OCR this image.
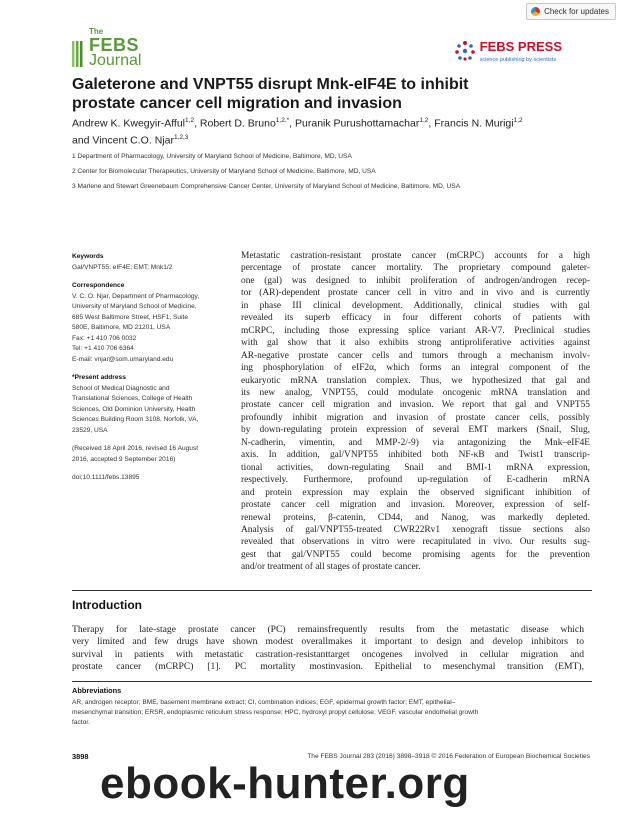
Check for updates
The
FEBS
Journal
FEBS PRESS
science publishing by scientists
Galeterone and VNPT55 disrupt Mnk-eIF4E to inhibit
prostate cancer cell migration and invasion

Andrew K. Kwegyir-Afful$^{1,2}$, Robert D. Bruno$^{1,2,*}$, Puranik Purushottamachar$^{1,2}$, Francis N. Murigi$^{1,2}$
and Vincent C.O. Njar$^{1,2,3}$

1 Department of Pharmacology, University of Maryland School of Medicine, Baltimore, MD, USA
2 Center for Biomolecular Therapeutics, University of Maryland School of Medicine, Baltimore, MD, USA
3 Marlene and Stewart Greenebaum Comprehensive Cancer Center, University of Maryland School of Medicine, Baltimore, MD, USA
Keywords
Gal/VNPT55; eIF4E; EMT; Mnk1/2
Correspondence
V. C. O. Njar, Department of Pharmacology,
University of Maryland School of Medicine,
685 West Baltimore Street, HSF1, Suite
580E, Baltimore, MD 21201, USA
Fax: +1 410 706 0032
Tel: +1 410 706 6364
E-mail: vnjar@som.umaryland.edu
*Present address
School of Medical Diagnostic and
Translational Sciences, College of Health
Sciences, Old Dominion University, Health
Sciences Building Room 3108, Norfolk, VA,
23529, USA
(Received 18 April 2016, revised 16 August
2016, accepted 9 September 2016)
doi:10.1111/febs.13895
Metastatic castration-resistant prostate cancer (mCRPC) accounts for a high
percentage of prostate cancer mortality. The proprietary compound galeter-
one (gal) was designed to inhibit proliferation of androgen/androgen recep-
tor (AR)-dependent prostate cancer cell in vitro and in vivo and is currently
in phase III clinical development. Additionally, clinical studies with gal
revealed its superb efficacy in four different cohorts of patients with
mCRPC, including those expressing splice variant AR-V7. Preclinical studies
with gal show that it also exhibits strong antiproliferative activities against
AR-negative prostate cancer cells and tumors through a mechanism involv-
ing phosphorylation of eIF2α, which forms an integral component of the
eukaryotic mRNA translation complex. Thus, we hypothesized that gal and
its new analog, VNPT55, could modulate oncogenic mRNA translation and
prostate cancer cell migration and invasion. We report that gal and VNPT55
profoundly inhibit migration and invasion of prostate cancer cells, possibly
by down-regulating protein expression of several EMT markers (Snail, Slug,
N-cadherin, vimentin, and MMP-2/-9) via antagonizing the Mnk–eIF4E
axis. In addition, gal/VNPT55 inhibited both NF-κB and Twist1 transcrip-
tional activities, down-regulating Snail and BMI-1 mRNA expression,
respectively. Furthermore, profound up-regulation of E-cadherin mRNA
and protein expression may explain the observed significant inhibition of
prostate cancer cell migration and invasion. Moreover, expression of self-
renewal proteins, β-catenin, CD44, and Nanog, was markedly depleted.
Analysis of gal/VNPT55-treated CWR22Rv1 xenograft tissue sections also
revealed that observations in vitro were recapitulated in vivo. Our results sug-
gest that gal/VNPT55 could become promising agents for the prevention
and/or treatment of all stages of prostate cancer.
Introduction
Therapy for late-stage prostate cancer (PC) remains
very limited and few drugs have shown modest overall
survival in patients with metastatic castration-resistant
prostate cancer (mCRPC) [1]. PC mortality most
frequently results from the metastatic disease which
makes it important to design and develop inhibitors to
target oncogenes involved in cellular migration and
invasion. Epithelial to mesenchymal transition (EMT),
Abbreviations
AR, androgen receptor; BME, basement membrane extract; CI, combination indices; EGF, epidermal growth factor; EMT, epithelial–
mesenchymal transition; ERSR, endoplasmic reticulum stress response; HPC, hydroxyl propyl cellulose; VEGF, vascular endothelial growth
factor.
3898	The FEBS Journal 283 (2016) 3898–3918 © 2016 Federation of European Biochemical Societies
ebook-hunter.org
